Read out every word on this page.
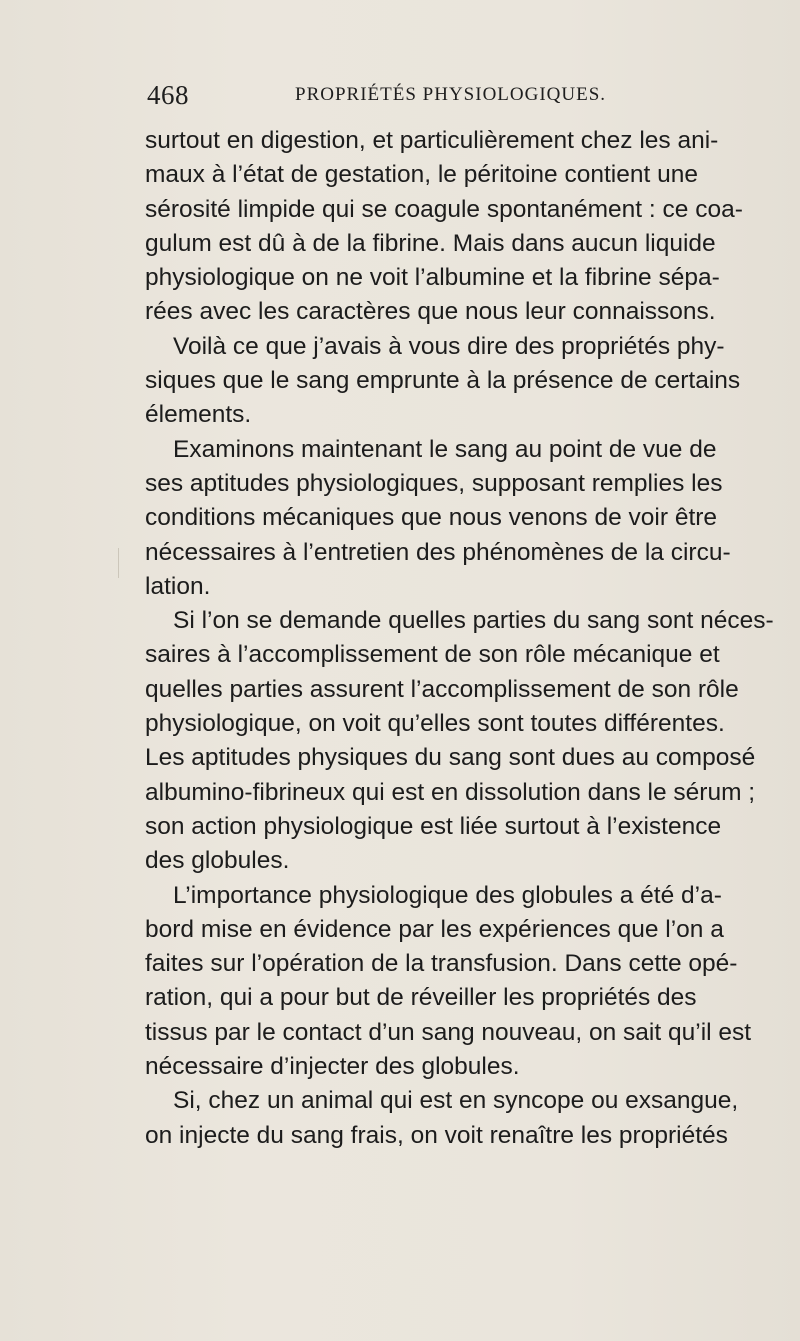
468	PROPRIÉTÉS PHYSIOLOGIQUES.
surtout en digestion, et particulièrement chez les ani-
maux à l’état de gestation, le péritoine contient une
sérosité limpide qui se coagule spontanément : ce coa-
gulum est dû à de la fibrine. Mais dans aucun liquide
physiologique on ne voit l’albumine et la fibrine sépa-
rées avec les caractères que nous leur connaissons.
Voilà ce que j’avais à vous dire des propriétés phy-
siques que le sang emprunte à la présence de certains
élements.
Examinons maintenant le sang au point de vue de
ses aptitudes physiologiques, supposant remplies les
conditions mécaniques que nous venons de voir être
nécessaires à l’entretien des phénomènes de la circu-
lation.
Si l’on se demande quelles parties du sang sont néces-
saires à l’accomplissement de son rôle mécanique et
quelles parties assurent l’accomplissement de son rôle
physiologique, on voit qu’elles sont toutes différentes.
Les aptitudes physiques du sang sont dues au composé
albumino-fibrineux qui est en dissolution dans le sérum ;
son action physiologique est liée surtout à l’existence
des globules.
L’importance physiologique des globules a été d’a-
bord mise en évidence par les expériences que l’on a
faites sur l’opération de la transfusion. Dans cette opé-
ration, qui a pour but de réveiller les propriétés des
tissus par le contact d’un sang nouveau, on sait qu’il est
nécessaire d’injecter des globules.
Si, chez un animal qui est en syncope ou exsangue,
on injecte du sang frais, on voit renaître les propriétés
